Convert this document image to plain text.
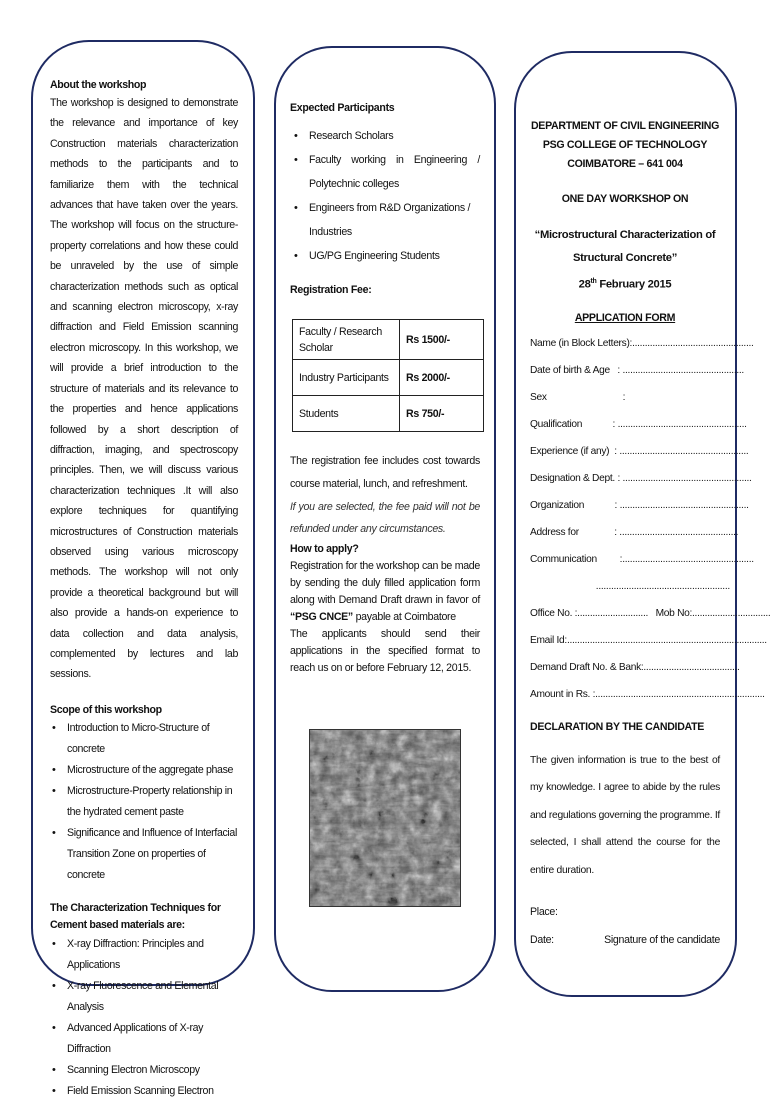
About the workshop
The workshop is designed to demonstrate the relevance and importance of key Construction materials characterization methods to the participants and to familiarize them with the technical advances that have taken over the years. The workshop will focus on the structure-property correlations and how these could be unraveled by the use of simple characterization methods such as optical and scanning electron microscopy, x-ray diffraction and Field Emission scanning electron microscopy. In this workshop, we will provide a brief introduction to the structure of materials and its relevance to the properties and hence applications followed by a short description of diffraction, imaging, and spectroscopy principles. Then, we will discuss various characterization techniques .It will also explore techniques for quantifying microstructures of Construction materials observed using various microscopy methods. The workshop will not only provide a theoretical background but will also provide a hands-on experience to data collection and data analysis, complemented by lectures and lab sessions.
Scope of this workshop
• Introduction to Micro-Structure of concrete
• Microstructure of the aggregate phase
• Microstructure-Property relationship in the hydrated cement paste
• Significance and Influence of Interfacial Transition Zone on properties of concrete
The Characterization Techniques for Cement based materials are:
• X-ray Diffraction: Principles and Applications
• X-ray Fluorescence and Elemental Analysis
• Advanced Applications of X-ray Diffraction
• Scanning Electron Microscopy
• Field Emission Scanning Electron
Expected Participants
• Research Scholars
• Faculty working in Engineering / Polytechnic colleges
• Engineers from R&D Organizations / Industries
• UG/PG Engineering Students
Registration Fee:
Faculty / Research Scholar	Rs 1500/-
Industry Participants	Rs 2000/-
Students	Rs 750/-
The registration fee includes cost towards course material, lunch, and refreshment.
If you are selected, the fee paid will not be refunded under any circumstances.
How to apply?
Registration for the workshop can be made by sending the duly filled application form along with Demand Draft drawn in favor of “PSG CNCE” payable at Coimbatore
The applicants should send their applications in the specified format to reach us on or before February 12, 2015.
DEPARTMENT OF CIVIL ENGINEERING
PSG COLLEGE OF TECHNOLOGY
COIMBATORE – 641 004
ONE DAY WORKSHOP ON
“Microstructural Characterization of
Structural Concrete”
28th February 2015
APPLICATION FORM
Name (in Block Letters):................................................
Date of birth & Age   : ................................................
Sex                              :
Qualification            : ...................................................
Experience (if any)  : ...................................................
Designation & Dept. : ...................................................
Organization            : ...................................................
Address for              : ...............................................
Communication         :....................................................
.....................................................
Office No. :............................   Mob No:...............................
Email Id:...............................................................................
Demand Draft No. & Bank:......................................
Amount in Rs. :...................................................................
DECLARATION BY THE CANDIDATE
The given information is true to the best of my knowledge. I agree to abide by the rules and regulations governing the programme. If selected, I shall attend the course for the entire duration.
Place:
Date:	Signature of the candidate
